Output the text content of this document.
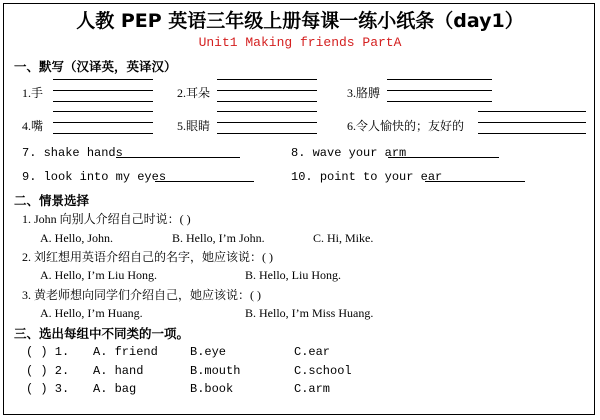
人教 PEP 英语三年级上册每课一练小纸条（day1）
Unit1 Making friends PartA
一、默写（汉译英，英译汉）
1.手	2.耳朵	3.胳膊
4.嘴	5.眼睛	6.令人愉快的；友好的
7. shake hands	8. wave your arm
9. look into my eyes	10. point to your ear
二、情景选择
1. John 向别人介绍自己时说：( )
A. Hello, John.	B. Hello, I’m John.	C. Hi, Mike.
2. 刘红想用英语介绍自己的名字，她应该说：( )
A. Hello, I’m Liu Hong.	B. Hello, Liu Hong.
3. 黄老师想向同学们介绍自己，她应该说：( )
A. Hello, I’m Huang.	B. Hello, I’m Miss Huang.
三、选出每组中不同类的一项。
( ) 1. A. friend	B.eye	C.ear
( ) 2. A. hand	B.mouth	C.school
( ) 3. A. bag	B.book	C.arm
